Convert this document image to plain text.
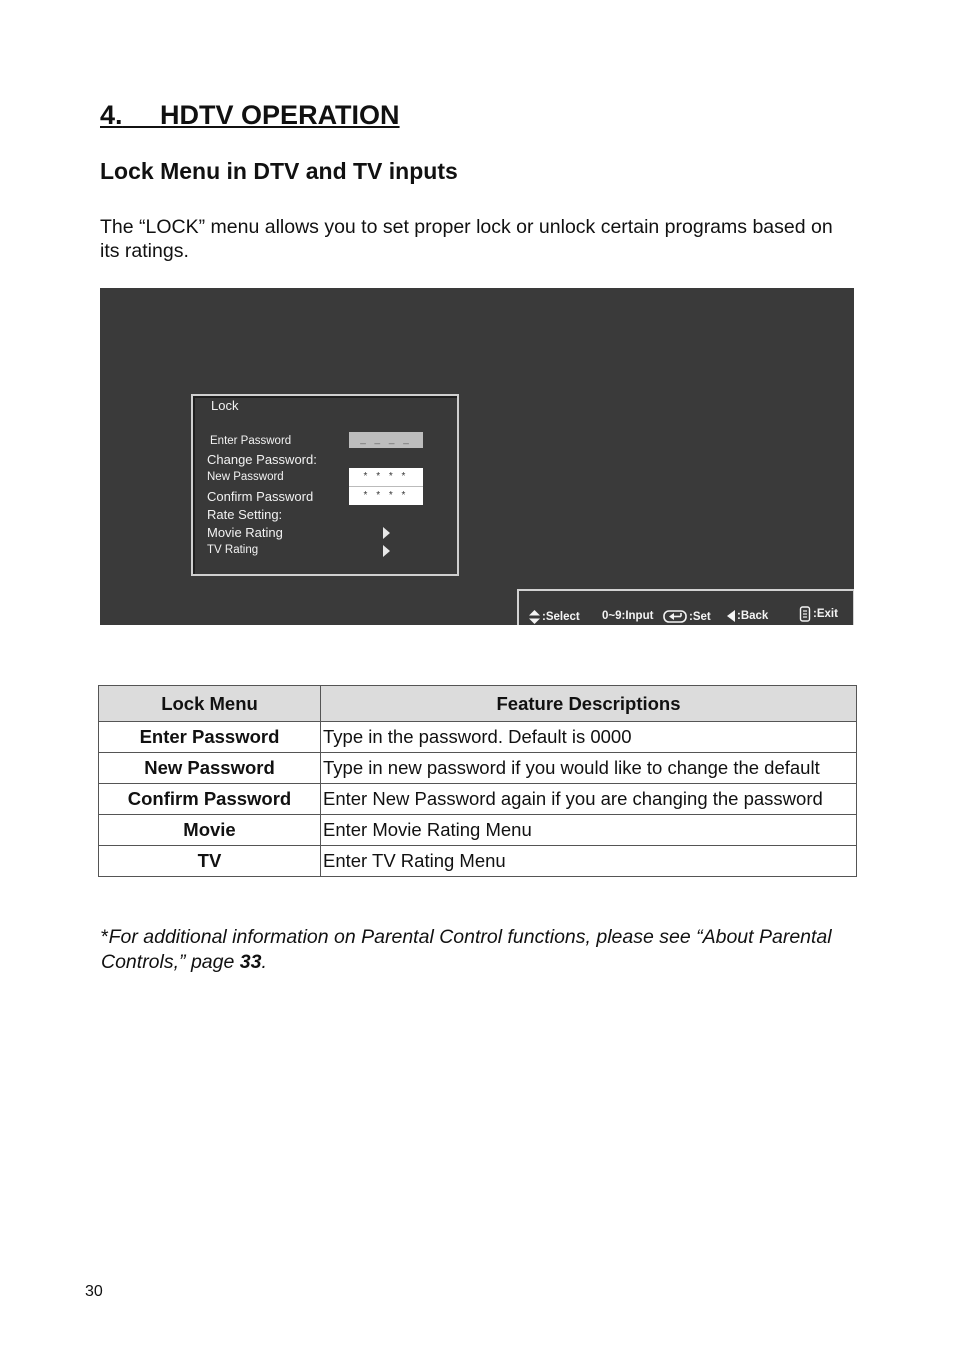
4. HDTV OPERATION
Lock Menu in DTV and TV inputs

The “LOCK” menu allows you to set proper lock or unlock certain programs based on its ratings.

Lock
Enter Password	_ _ _ _
Change Password:
New Password	* * * *
Confirm Password	* * * *
Rate Setting:
Movie Rating
TV Rating
:Select 0~9:Input	:Set :Back	:Exit
Lock Menu	Feature Descriptions
Enter Password	Type in the password. Default is 0000
New Password	Type in new password if you would like to change the default
Confirm Password	Enter New Password again if you are changing the password
Movie	Enter Movie Rating Menu
TV	Enter TV Rating Menu

*For additional information on Parental Control functions, please see “About Parental Controls,” page 33.

30
